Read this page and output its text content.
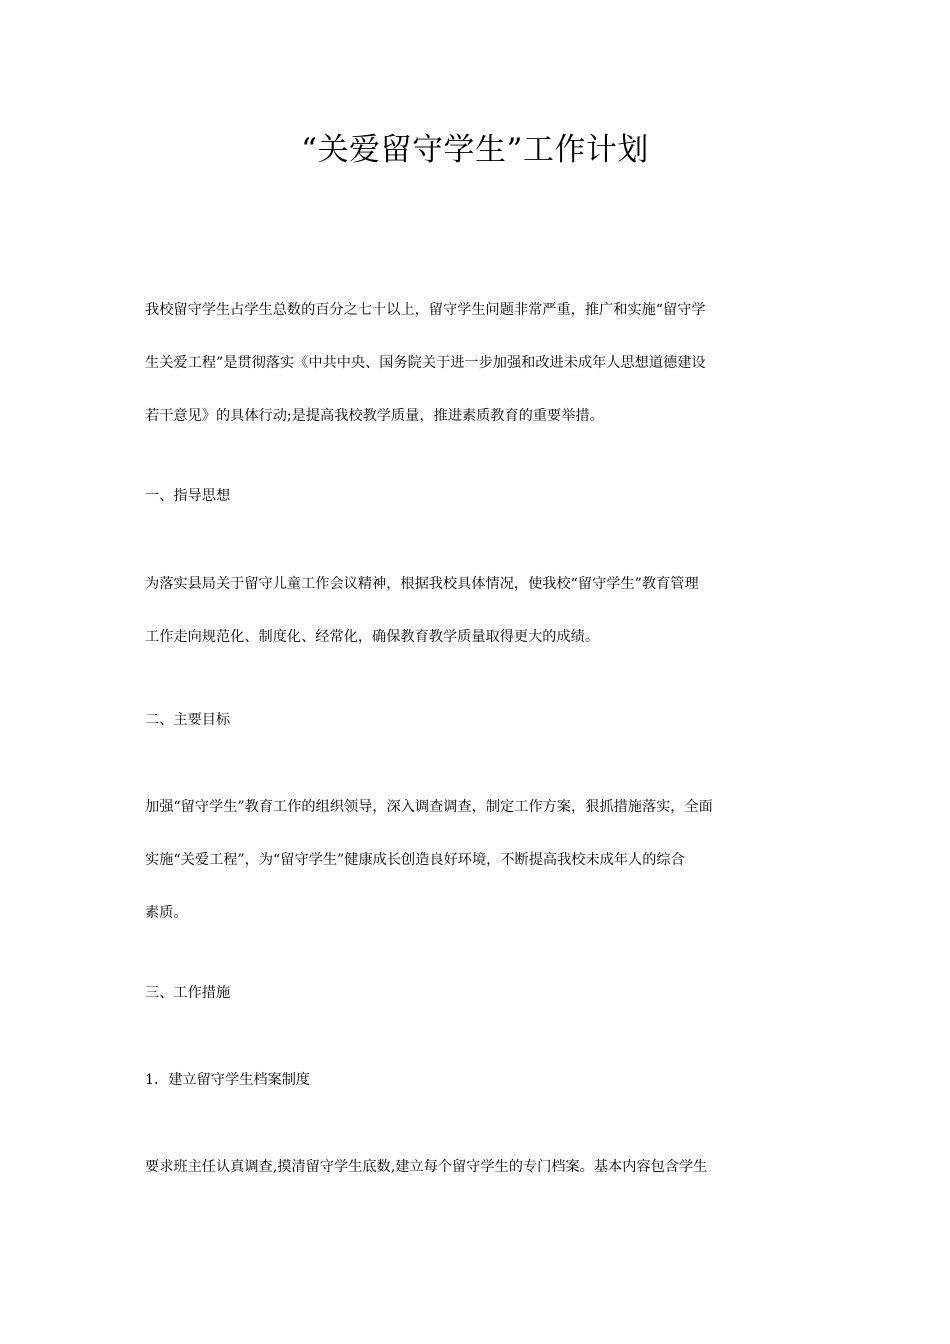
“关爱留守学生”工作计划
我校留守学生占学生总数的百分之七十以上，留守学生问题非常严重，推广和实施“留守学
生关爱工程”是贯彻落实《中共中央、国务院关于进一步加强和改进未成年人思想道德建设
若干意见》的具体行动;是提高我校教学质量，推进素质教育的重要举措。
一、指导思想
为落实县局关于留守儿童工作会议精神，根据我校具体情况，使我校“留守学生”教育管理
工作走向规范化、制度化、经常化，确保教育教学质量取得更大的成绩。
二、主要目标
加强“留守学生”教育工作的组织领导，深入调查调查，制定工作方案，狠抓措施落实，全面
实施“关爱工程”，为“留守学生”健康成长创造良好环境，不断提高我校未成年人的综合
素质。
三、工作措施
1．建立留守学生档案制度
要求班主任认真调查,摸清留守学生底数,建立每个留守学生的专门档案。基本内容包含学生
